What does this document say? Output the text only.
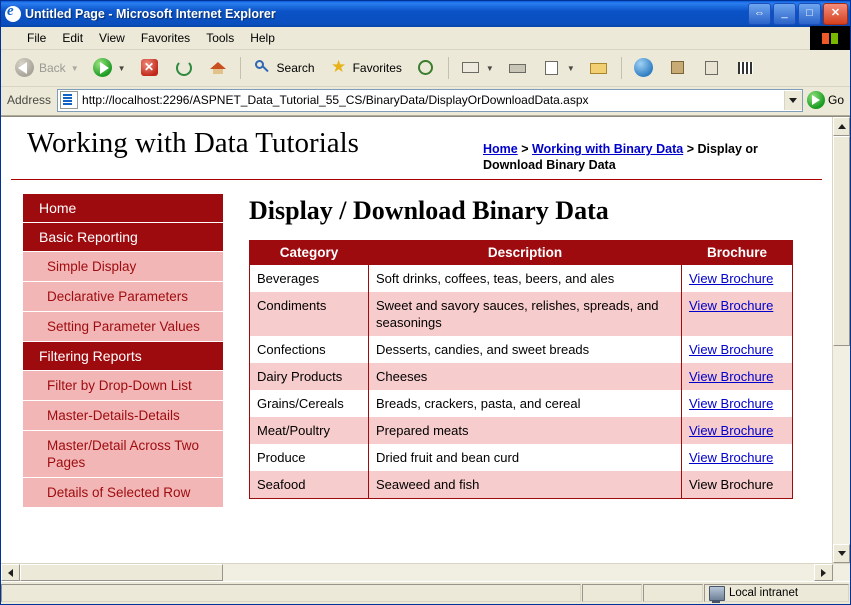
e
Untitled Page - Microsoft Internet Explorer	⇔	_	□	✕
File	Edit	View	Favorites	Tools	Help
Back ▼	▼ ✕	Search ★ Favorites	▼	▼
Address	http://localhost:2296/ASPNET_Data_Tutorial_55_CS/BinaryData/DisplayOrDownloadData.aspx	Go
Working with Data Tutorials	Home > Working with Binary Data > Display or Download Binary Data
Home
Basic Reporting
Simple Display
Declarative Parameters
Setting Parameter Values
Filtering Reports
Filter by Drop-Down List
Master-Details-Details
Master/Detail Across Two Pages
Details of Selected Row
Display / Download Binary Data
Category	Description	Brochure
Beverages	Soft drinks, coffees, teas, beers, and ales	View Brochure
Condiments	Sweet and savory sauces, relishes, spreads, and seasonings	View Brochure
Confections	Desserts, candies, and sweet breads	View Brochure
Dairy Products	Cheeses	View Brochure
Grains/Cereals	Breads, crackers, pasta, and cereal	View Brochure
Meat/Poultry	Prepared meats	View Brochure
Produce	Dried fruit and bean curd	View Brochure
Seafood	Seaweed and fish	View Brochure
Local intranet
